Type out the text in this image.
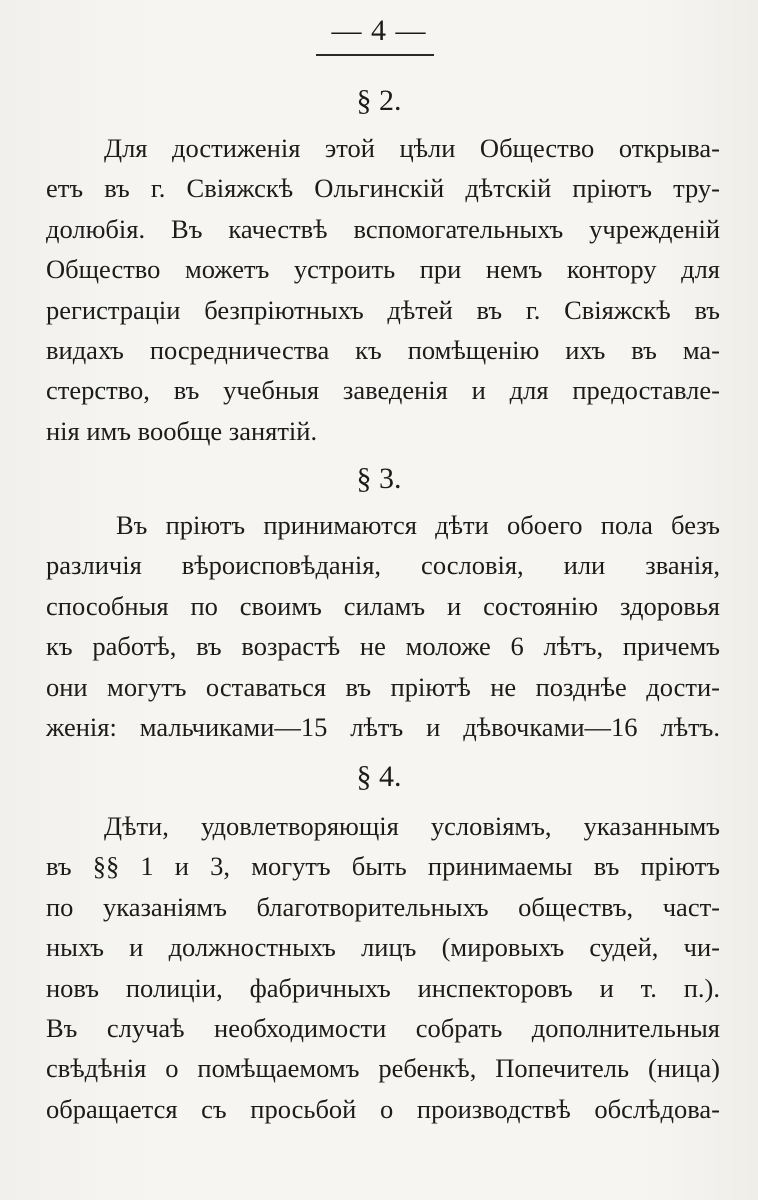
— 4 —
§ 2.
Для достиженія этой цѣли Общество открыва-
етъ въ г. Свіяжскѣ Ольгинскій дѣтскій пріютъ тру-
долюбія. Въ качествѣ вспомогательныхъ учрежденій
Общество можетъ устроить при немъ контору для
регистраціи безпріютныхъ дѣтей въ г. Свіяжскѣ въ
видахъ посредничества къ помѣщенію ихъ въ ма-
стерство, въ учебныя заведенія и для предоставле-
нія имъ вообще занятій.
§ 3.
Въ пріютъ принимаются дѣти обоего пола безъ
различія вѣроисповѣданія, сословія, или званія,
способныя по своимъ силамъ и состоянію здоровья
къ работѣ, въ возрастѣ не моложе 6 лѣтъ, причемъ
они могутъ оставаться въ пріютѣ не позднѣе дости-
женія: мальчиками—15 лѣтъ и дѣвочками—16 лѣтъ.
§ 4.
Дѣти, удовлетворяющія условіямъ, указаннымъ
въ §§ 1 и 3, могутъ быть принимаемы въ пріютъ
по указаніямъ благотворительныхъ обществъ, част-
ныхъ и должностныхъ лицъ (мировыхъ судей, чи-
новъ полиціи, фабричныхъ инспекторовъ и т. п.).
Въ случаѣ необходимости собрать дополнительныя
свѣдѣнія о помѣщаемомъ ребенкѣ, Попечитель (ница)
обращается съ просьбой о производствѣ обслѣдова-
